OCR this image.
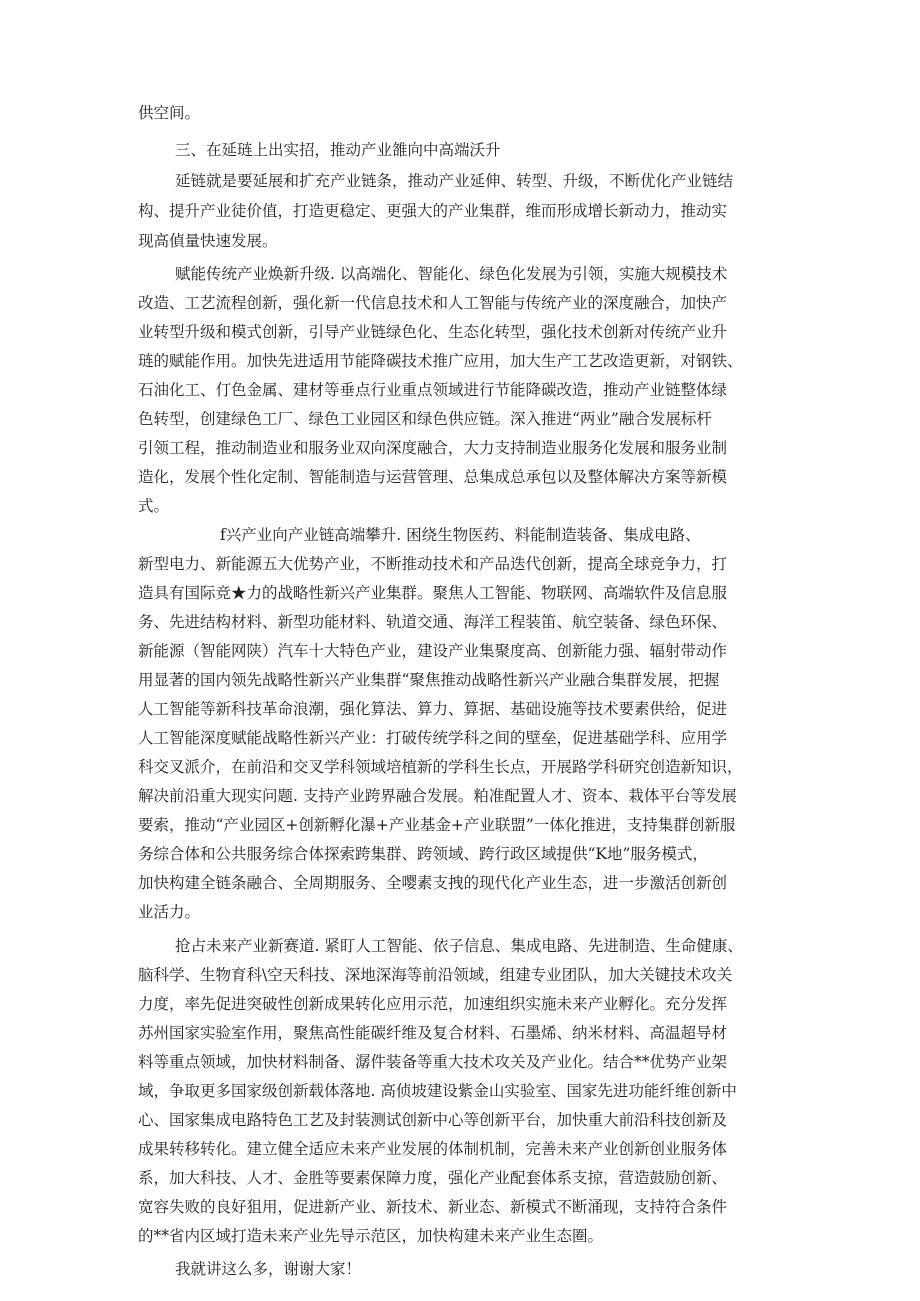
供空间。
三、在延琏上出实招，推动产业雒向中高端沃升
延链就是要延展和扩充产业链条，推动产业延伸、转型、升级，不断优化产业链结
构、提升产业徒价值，打造更稳定、更强大的产业集群，维而形成增长新动力，推动实
现高偵量快速发展。
赋能传统产业焕新升级. 以高端化、智能化、绿色化发展为引领，实施大规模技术
改造、工艺流程创新，强化新一代信息技术和人工智能与传统产业的深度融合，加快产
业转型升级和模式创新，引导产业链绿色化、生态化转型，强化技术创新对传统产业升
琏的赋能作用。加快先进适用节能降碳技术推广应用，加大生产工艺改造更新，对钢铁、
石油化工、仃色金属、建材等垂点行业重点领域进行节能降碳改造，推动产业链整体绿
色转型，创建绿色工厂、绿色工业园区和绿色供应链。深入推进“两业”融合发展标杆
引领工程，推动制造业和服务业双向深度融合，大力支持制造业服务化发展和服务业制
造化，发展个性化定制、智能制造与运营管理、总集成总承包以及整体解决方案等新模
式。
f兴产业向产业链高端攀升. 困绕生物医药、料能制造装备、集成电路、
新型电力、新能源五大优势产业，不断推动技术和产品迭代创新，提高全球竞争力，打
造具有国际竞★力的战略性新兴产业集群。聚焦人工智能、物联网、高端软件及信息服
务、先进结构材料、新型功能材料、轨道交通、海洋工程装笛、航空装备、绿色环保、
新能源（智能网陕）汽车十大特色产业，建设产业集聚度高、创新能力强、辐射带动作
用显著的国内领先战略性新兴产业集群“聚焦推动战略性新兴产业融合集群发展，把握
人工智能等新科技革命浪潮，强化算法、算力、算据、基础设施等技术要素供给，促进
人工智能深度赋能战略性新兴产业：打破传统学科之间的壁垒，促进基础学科、应用学
科交叉派介，在前沿和交叉学科领域培植新的学科生长点，开展路学科研究创造新知识，
解决前沿重大现实问题. 支持产业跨界融合发展。粕准配置人才、资本、栽体平台等发展
要索，推动“产业园区+创新孵化瀑+产业基金+产业联盟”一体化推进，支持集群创新服
务综合体和公共服务综合体探索跨集群、跨领域、跨行政区域提供“K地”服务模式，
加快构建全链条融合、全周期服务、全嘤素支拽的现代化产业生态，进一步激活创新创
业活力。
抢占未来产业新赛道. 紧盯人工智能、依子信息、集成电路、先进制造、生命健康、
脑科学、生物育科\空天科技、深地深海等前沿领域，组建专业团队，加大关键技术攻关
力度，率先促进突破性创新成果转化应用示范，加速组织实施未来产业孵化。充分发挥
苏州国家实验室作用，聚焦高性能碳纤维及复合材料、石墨烯、纳米材料、高温超导材
料等重点领域，加快材料制备、潺件装备等重大技术攻关及产业化。结合**优势产业架
域，争取更多国家级创新载体落地. 高侦坡建设紫金山实验室、国家先进功能纤维创新中
心、国家集成电路特色工艺及封装测试创新中心等创新平台，加快重大前沿科技创新及
成果转移转化。建立健全适应未来产业发展的体制机制，完善未来产业创新创业服务体
系，加大科技、人才、金胜等要素保障力度，强化产业配套体系支掠，营造鼓励创新、
宽容失败的良好狙用，促进新产业、新技术、新业态、新模式不断涌现，支持符合条件
的**省内区域打造未来产业先导示范区，加快构建未来产业生态圈。
我就讲这么多，谢谢大家！
